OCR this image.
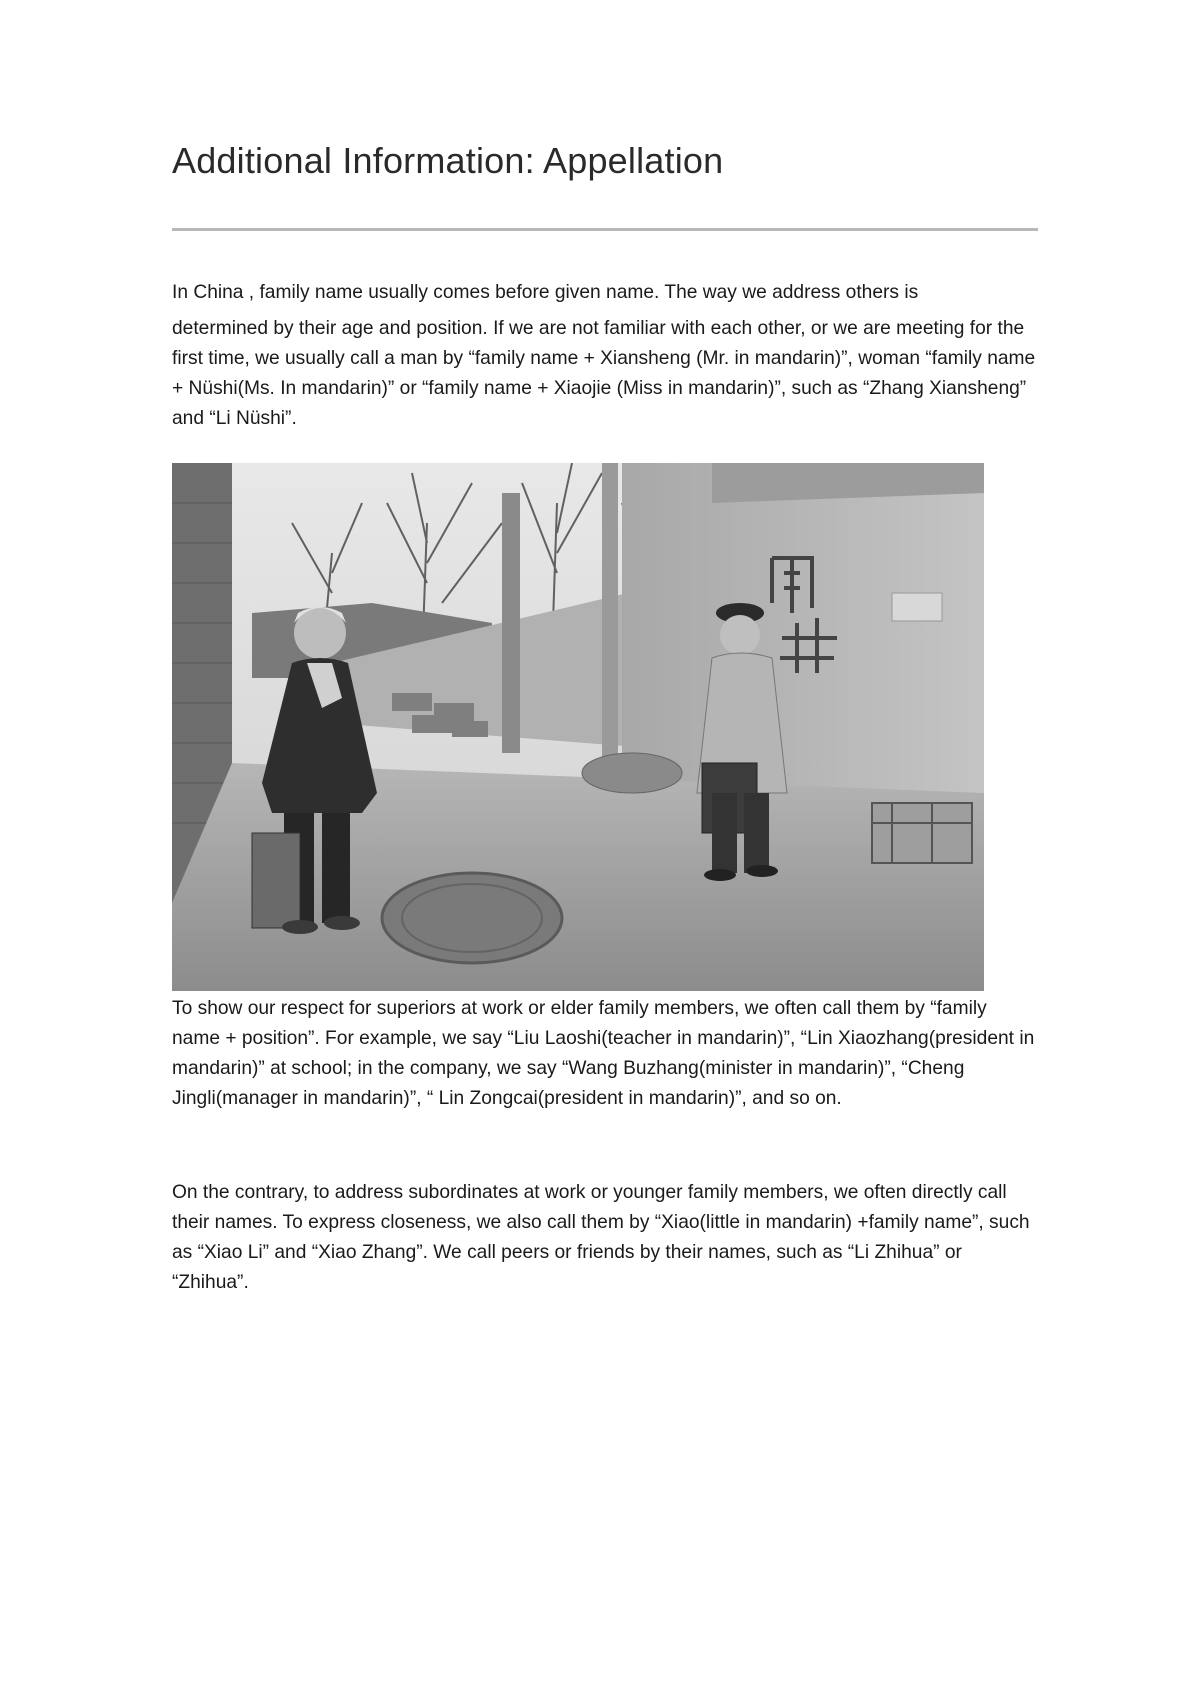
Additional Information: Appellation

In China , family name usually comes before given name. The way we address others is
determined by their age and position. If we are not familiar with each other, or we are meeting for the first time, we usually call a man by “family name + Xiansheng (Mr. in mandarin)”, woman “family name + Nüshi(Ms. In mandarin)” or “family name + Xiaojie (Miss in mandarin)”, such as “Zhang Xiansheng” and “Li Nüshi”.

To show our respect for superiors at work or elder family members, we often call them by “family name + position”. For example, we say “Liu Laoshi(teacher in mandarin)”, “Lin Xiaozhang(president in mandarin)” at school; in the company, we say “Wang Buzhang(minister in mandarin)”, “Cheng Jingli(manager in mandarin)”, “ Lin Zongcai(president in mandarin)”, and so on.

On the contrary, to address subordinates at work or younger family members, we often directly call their names. To express closeness, we also call them by “Xiao(little in mandarin) +family name”, such as “Xiao Li” and “Xiao Zhang”. We call peers or friends by their names, such as “Li Zhihua” or “Zhihua”.
